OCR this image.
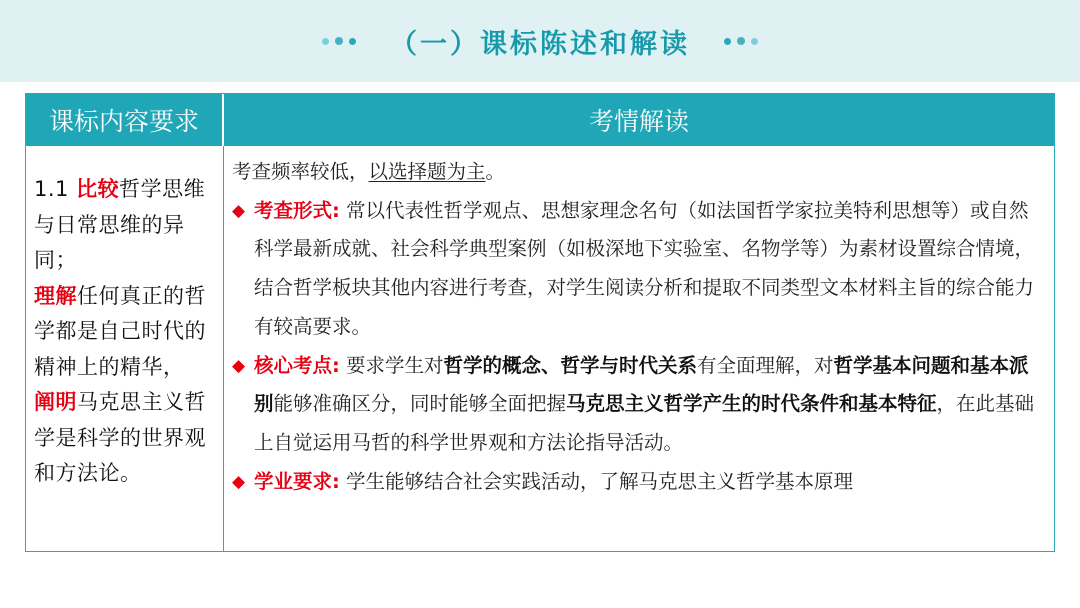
（一）课标陈述和解读
课标内容要求	考情解读
1.1 比较哲学思维与日常思维的异同；
理解任何真正的哲学都是自己时代的精神上的精华，
阐明马克思主义哲学是科学的世界观和方法论。
考查频率较低，以选择题为主。
◆ 考查形式: 常以代表性哲学观点、思想家理念名句（如法国哲学家拉美特利思想等）或自然科学最新成就、社会科学典型案例（如极深地下实验室、名物学等）为素材设置综合情境，结合哲学板块其他内容进行考查，对学生阅读分析和提取不同类型文本材料主旨的综合能力有较高要求。
◆ 核心考点: 要求学生对哲学的概念、哲学与时代关系有全面理解，对哲学基本问题和基本派别能够准确区分，同时能够全面把握马克思主义哲学产生的时代条件和基本特征，在此基础上自觉运用马哲的科学世界观和方法论指导活动。
◆ 学业要求: 学生能够结合社会实践活动，了解马克思主义哲学基本原理
